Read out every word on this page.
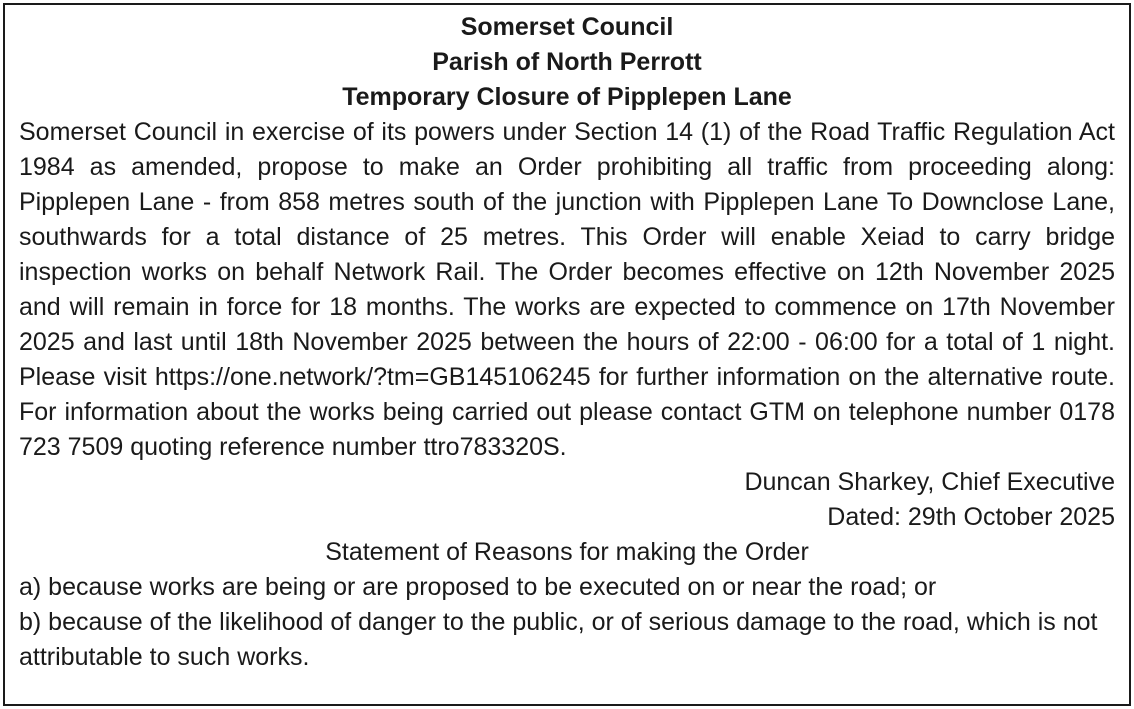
Somerset Council
Parish of North Perrott
Temporary Closure of Pipplepen Lane

Somerset Council in exercise of its powers under Section 14 (1) of the Road Traffic Regulation Act 1984 as amended, propose to make an Order prohibiting all traffic from proceeding along: Pipplepen Lane - from 858 metres south of the junction with Pipplepen Lane To Downclose Lane, southwards for a total distance of 25 metres. This Order will enable Xeiad to carry bridge inspection works on behalf Network Rail. The Order becomes effective on 12th November 2025 and will remain in force for 18 months. The works are expected to commence on 17th November 2025 and last until 18th November 2025 between the hours of 22:00 - 06:00 for a total of 1 night. Please visit https://one.network/?tm=GB145106245 for further information on the alternative route. For information about the works being carried out please contact GTM on telephone number 0178 723 7509 quoting reference number ttro783320S.

Duncan Sharkey, Chief Executive
Dated: 29th October 2025
Statement of Reasons for making the Order
a) because works are being or are proposed to be executed on or near the road; or
b) because of the likelihood of danger to the public, or of serious damage to the road, which is not attributable to such works.
